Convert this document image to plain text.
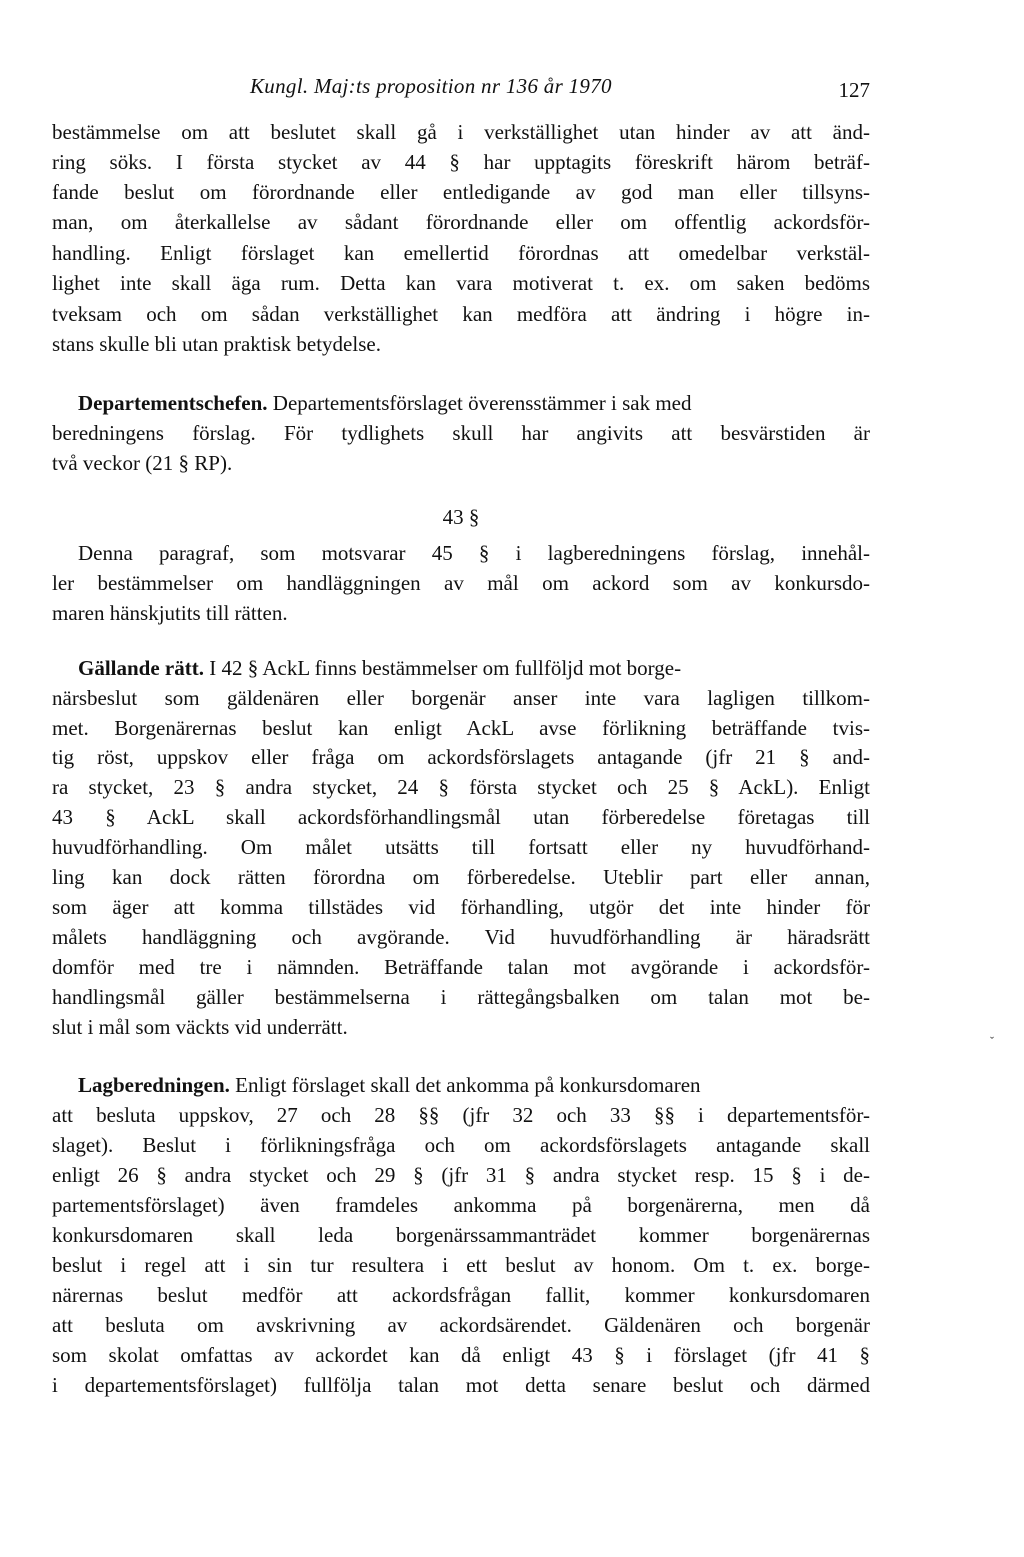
Kungl. Maj:ts proposition nr 136 år 1970	127
bestämmelse om att beslutet skall gå i verkställighet utan hinder av att änd-
ring söks. I första stycket av 44 § har upptagits föreskrift härom beträf-
fande beslut om förordnande eller entledigande av god man eller tillsyns-
man, om återkallelse av sådant förordnande eller om offentlig ackordsför-
handling. Enligt förslaget kan emellertid förordnas att omedelbar verkstäl-
lighet inte skall äga rum. Detta kan vara motiverat t. ex. om saken bedöms
tveksam och om sådan verkställighet kan medföra att ändring i högre in-
stans skulle bli utan praktisk betydelse.
Departementschefen. Departementsförslaget överensstämmer i sak med
beredningens förslag. För tydlighets skull har angivits att besvärstiden är
två veckor (21 § RP).
43 §
Denna paragraf, som motsvarar 45 § i lagberedningens förslag, innehål-
ler bestämmelser om handläggningen av mål om ackord som av konkursdo-
maren hänskjutits till rätten.
Gällande rätt. I 42 § AckL finns bestämmelser om fullföljd mot borge-
närsbeslut som gäldenären eller borgenär anser inte vara lagligen tillkom-
met. Borgenärernas beslut kan enligt AckL avse förlikning beträffande tvis-
tig röst, uppskov eller fråga om ackordsförslagets antagande (jfr 21 § and-
ra stycket, 23 § andra stycket, 24 § första stycket och 25 § AckL). Enligt
43 § AckL skall ackordsförhandlingsmål utan förberedelse företagas till
huvudförhandling. Om målet utsätts till fortsatt eller ny huvudförhand-
ling kan dock rätten förordna om förberedelse. Uteblir part eller annan,
som äger att komma tillstädes vid förhandling, utgör det inte hinder för
målets handläggning och avgörande. Vid huvudförhandling är häradsrätt
domför med tre i nämnden. Beträffande talan mot avgörande i ackordsför-
handlingsmål gäller bestämmelserna i rättegångsbalken om talan mot be-
slut i mål som väckts vid underrätt.
ˇ
Lagberedningen. Enligt förslaget skall det ankomma på konkursdomaren
att besluta uppskov, 27 och 28 §§ (jfr 32 och 33 §§ i departementsför-
slaget). Beslut i förlikningsfråga och om ackordsförslagets antagande skall
enligt 26 § andra stycket och 29 § (jfr 31 § andra stycket resp. 15 § i de-
partementsförslaget) även framdeles ankomma på borgenärerna, men då
konkursdomaren skall leda borgenärssammanträdet kommer borgenärernas
beslut i regel att i sin tur resultera i ett beslut av honom. Om t. ex. borge-
närernas beslut medför att ackordsfrågan fallit, kommer konkursdomaren
att besluta om avskrivning av ackordsärendet. Gäldenären och borgenär
som skolat omfattas av ackordet kan då enligt 43 § i förslaget (jfr 41 §
i departementsförslaget) fullfölja talan mot detta senare beslut och därmed
